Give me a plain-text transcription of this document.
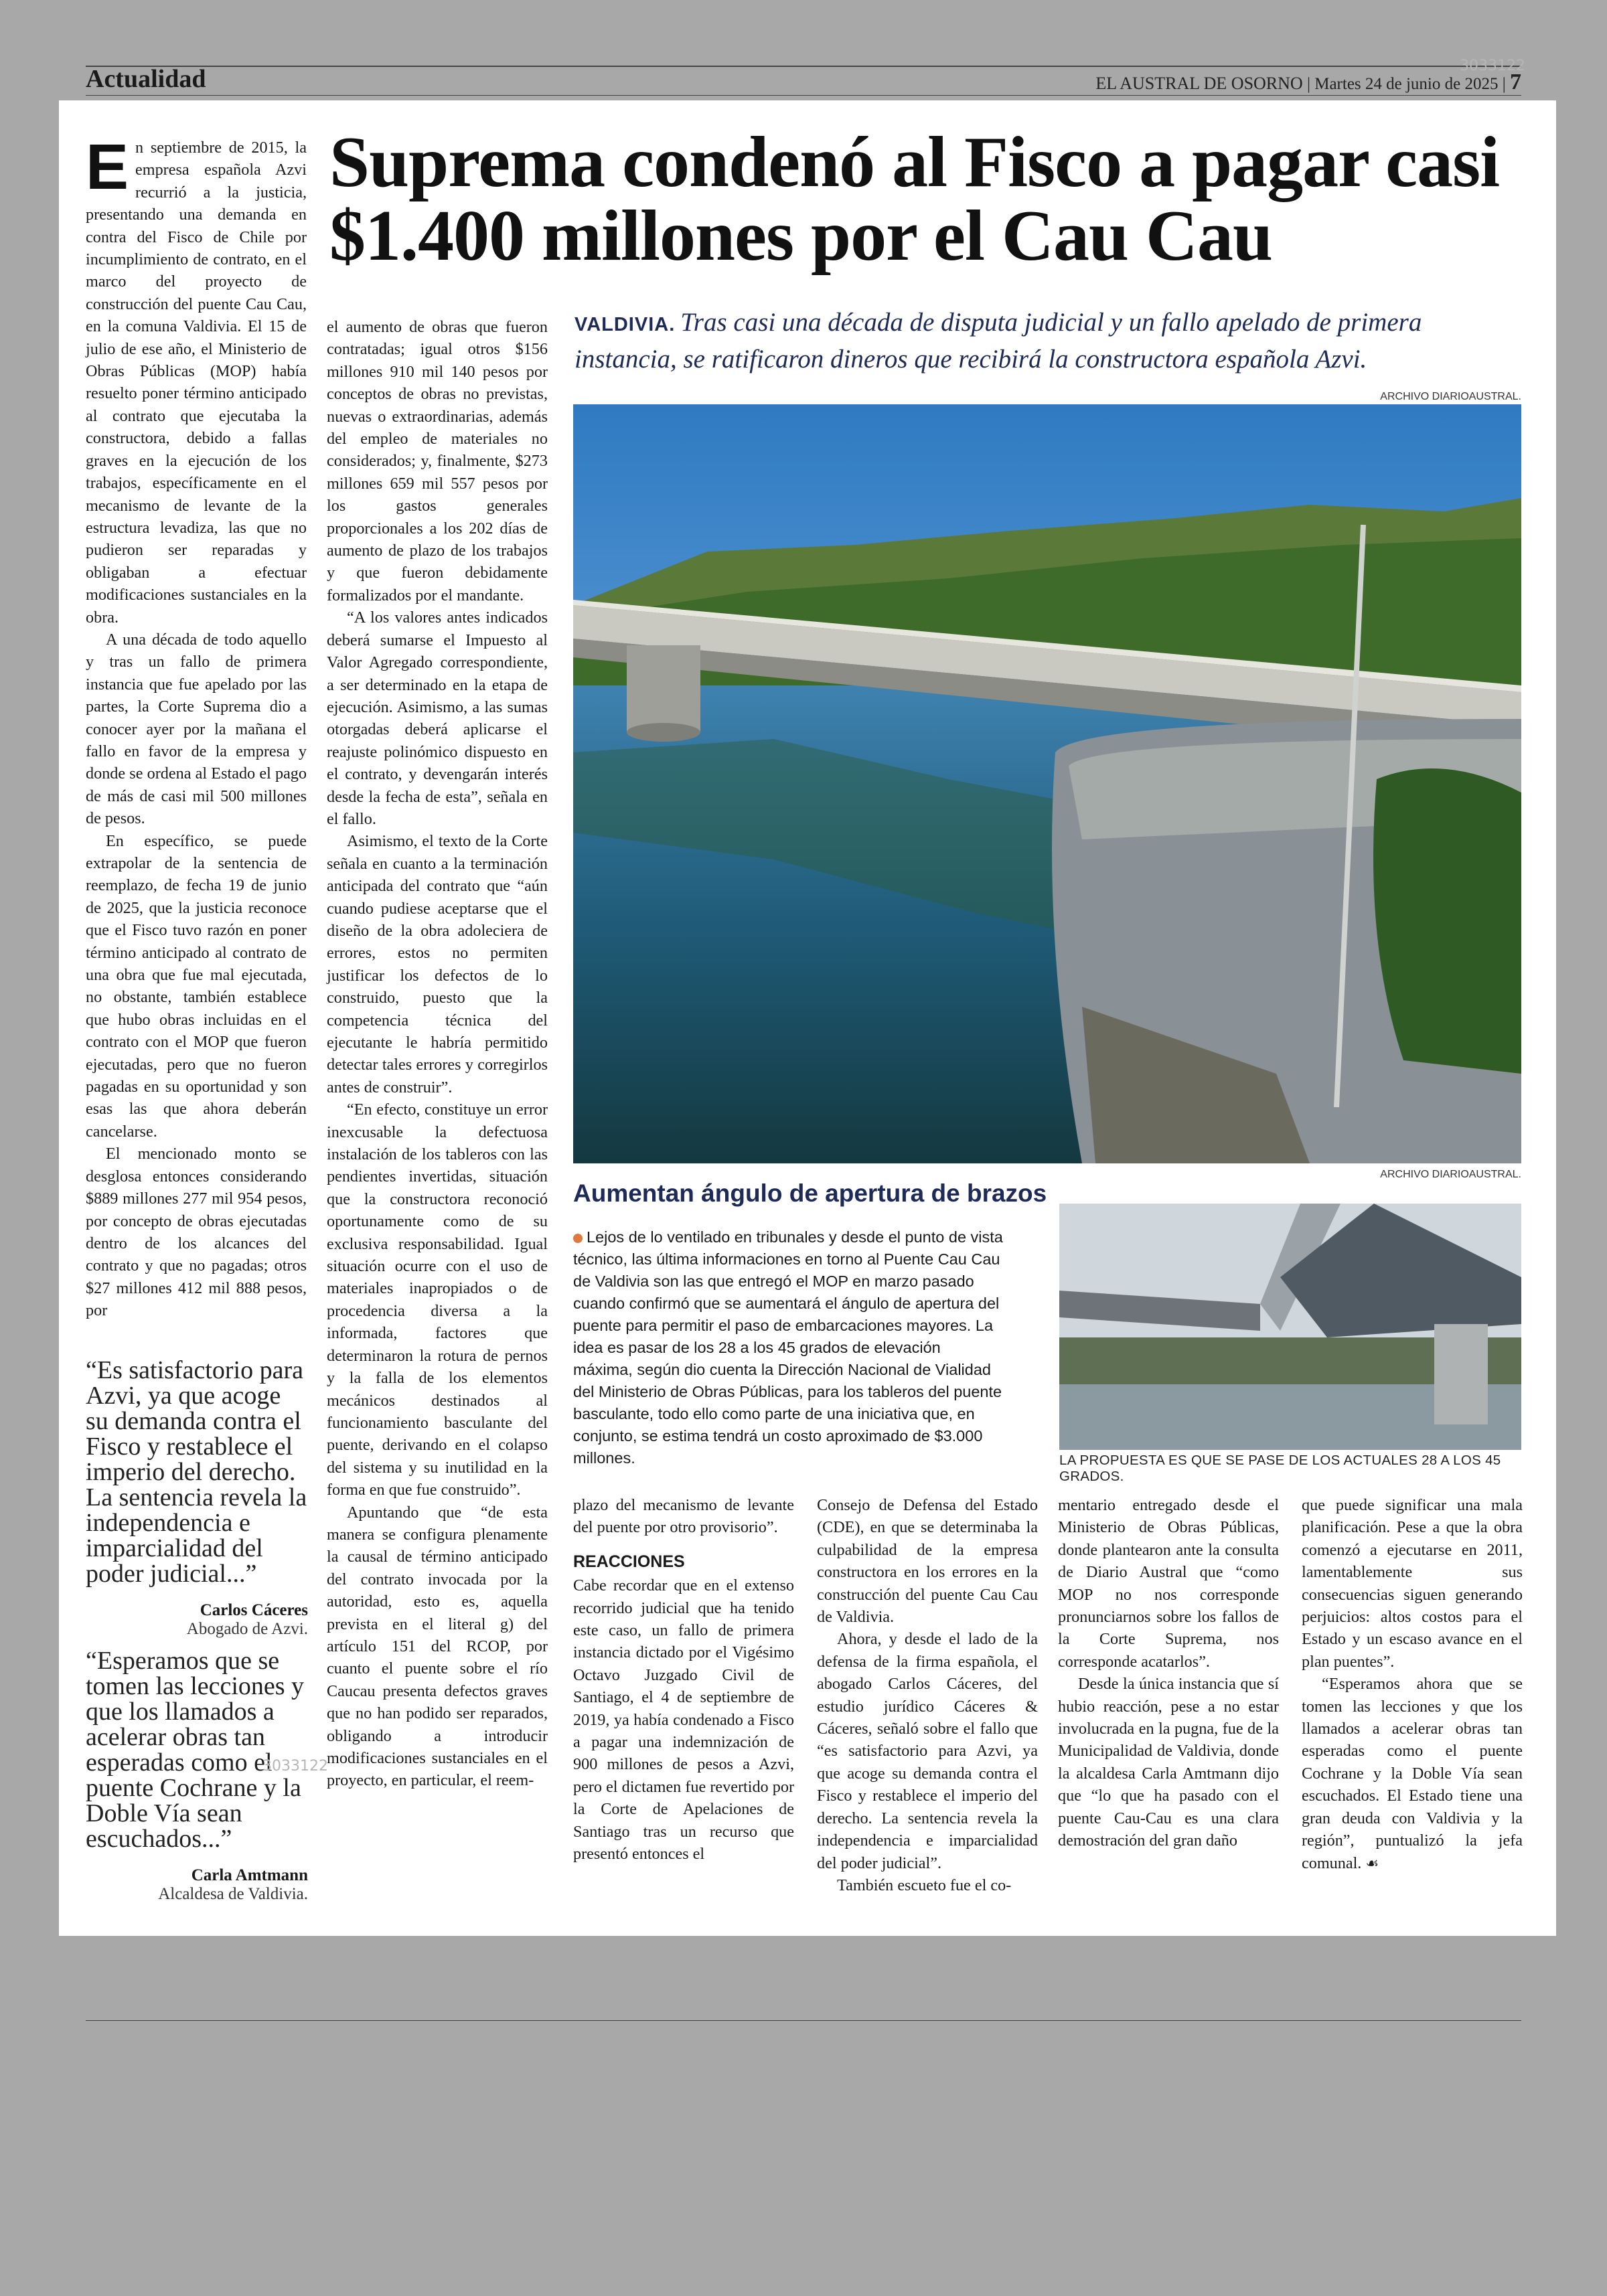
Actualidad	EL AUSTRAL DE OSORNO | Martes 24 de junio de 2025 | 7
3033122
Suprema condenó al Fisco a pagar casi $1.400 millones por el Cau Cau
VALDIVIA. Tras casi una década de disputa judicial y un fallo apelado de primera instancia, se ratificaron dineros que recibirá la constructora española Azvi.

En septiembre de 2015, la empresa española Azvi recurrió a la justicia, presentando una demanda en contra del Fisco de Chile por incumplimiento de contrato, en el marco del proyecto de construcción del puente Cau Cau, en la comuna Valdivia. El 15 de julio de ese año, el Ministerio de Obras Públicas (MOP) había resuelto poner término anticipado al contrato que ejecutaba la constructora, debido a fallas graves en la ejecución de los trabajos, específicamente en el mecanismo de levante de la estructura levadiza, las que no pudieron ser reparadas y obligaban a efectuar modificaciones sustanciales en la obra.

A una década de todo aquello y tras un fallo de primera instancia que fue apelado por las partes, la Corte Suprema dio a conocer ayer por la mañana el fallo en favor de la empresa y donde se ordena al Estado el pago de más de casi mil 500 millones de pesos.

En específico, se puede extrapolar de la sentencia de reemplazo, de fecha 19 de junio de 2025, que la justicia reconoce que el Fisco tuvo razón en poner término anticipado al contrato de una obra que fue mal ejecutada, no obstante, también establece que hubo obras incluidas en el contrato con el MOP que fueron ejecutadas, pero que no fueron pagadas en su oportunidad y son esas las que ahora deberán cancelarse.

El mencionado monto se desglosa entonces considerando $889 millones 277 mil 954 pesos, por concepto de obras ejecutadas dentro de los alcances del contrato y que no pagadas; otros $27 millones 412 mil 888 pesos, por

“Es satisfactorio para Azvi, ya que acoge su demanda contra el Fisco y restablece el imperio del derecho. La sentencia revela la independencia e imparcialidad del poder judicial...”
Carlos Cáceres
Abogado de Azvi.
“Esperamos que se tomen las lecciones y que los llamados a acelerar obras tan esperadas como el puente Cochrane y la Doble Vía sean escuchados...”
Carla Amtmann
Alcaldesa de Valdivia.
3033122

el aumento de obras que fueron contratadas; igual otros $156 millones 910 mil 140 pesos por conceptos de obras no previstas, nuevas o extraordinarias, además del empleo de materiales no considerados; y, finalmente, $273 millones 659 mil 557 pesos por los gastos generales proporcionales a los 202 días de aumento de plazo de los trabajos y que fueron debidamente formalizados por el mandante.

“A los valores antes indicados deberá sumarse el Impuesto al Valor Agregado correspondiente, a ser determinado en la etapa de ejecución. Asimismo, a las sumas otorgadas deberá aplicarse el reajuste polinómico dispuesto en el contrato, y devengarán interés desde la fecha de esta”, señala en el fallo.

Asimismo, el texto de la Corte señala en cuanto a la terminación anticipada del contrato que “aún cuando pudiese aceptarse que el diseño de la obra adoleciera de errores, estos no permiten justificar los defectos de lo construido, puesto que la competencia técnica del ejecutante le habría permitido detectar tales errores y corregirlos antes de construir”.

“En efecto, constituye un error inexcusable la defectuosa instalación de los tableros con las pendientes invertidas, situación que la constructora reconoció oportunamente como de su exclusiva responsabilidad. Igual situación ocurre con el uso de materiales inapropiados o de procedencia diversa a la informada, factores que determinaron la rotura de pernos y la falla de los elementos mecánicos destinados al funcionamiento basculante del puente, derivando en el colapso del sistema y su inutilidad en la forma en que fue construido”.

Apuntando que “de esta manera se configura plenamente la causal de término anticipado del contrato invocada por la autoridad, esto es, aquella prevista en el literal g) del artículo 151 del RCOP, por cuanto el puente sobre el río Caucau presenta defectos graves que no han podido ser reparados, obligando a introducir modificaciones sustanciales en el proyecto, en particular, el reem-

ARCHIVO DIARIOAUSTRAL.
Aumentan ángulo de apertura de brazos
Lejos de lo ventilado en tribunales y desde el punto de vista técnico, las última informaciones en torno al Puente Cau Cau de Valdivia son las que entregó el MOP en marzo pasado cuando confirmó que se aumentará el ángulo de apertura del puente para permitir el paso de embarcaciones mayores. La idea es pasar de los 28 a los 45 grados de elevación máxima, según dio cuenta la Dirección Nacional de Vialidad del Ministerio de Obras Públicas, para los tableros del puente basculante, todo ello como parte de una iniciativa que, en conjunto, se estima tendrá un costo aproximado de $3.000 millones.
ARCHIVO DIARIOAUSTRAL.
LA PROPUESTA ES QUE SE PASE DE LOS ACTUALES 28 A LOS 45 GRADOS.

plazo del mecanismo de levante del puente por otro provisorio”.

REACCIONES

Cabe recordar que en el extenso recorrido judicial que ha tenido este caso, un fallo de primera instancia dictado por el Vigésimo Octavo Juzgado Civil de Santiago, el 4 de septiembre de 2019, ya había condenado a Fisco a pagar una indemnización de 900 millones de pesos a Azvi, pero el dictamen fue revertido por la Corte de Apelaciones de Santiago tras un recurso que presentó entonces el

Consejo de Defensa del Estado (CDE), en que se determinaba la culpabilidad de la empresa constructora en los errores en la construcción del puente Cau Cau de Valdivia.

Ahora, y desde el lado de la defensa de la firma española, el abogado Carlos Cáceres, del estudio jurídico Cáceres & Cáceres, señaló sobre el fallo que “es satisfactorio para Azvi, ya que acoge su demanda contra el Fisco y restablece el imperio del derecho. La sentencia revela la independencia e imparcialidad del poder judicial”.

También escueto fue el co-

mentario entregado desde el Ministerio de Obras Públicas, donde plantearon ante la consulta de Diario Austral que “como MOP no nos corresponde pronunciarnos sobre los fallos de la Corte Suprema, nos corresponde acatarlos”.

Desde la única instancia que sí hubio reacción, pese a no estar involucrada en la pugna, fue de la Municipalidad de Valdivia, donde la alcaldesa Carla Amtmann dijo que “lo que ha pasado con el puente Cau-Cau es una clara demostración del gran daño

que puede significar una mala planificación. Pese a que la obra comenzó a ejecutarse en 2011, lamentablemente sus consecuencias siguen generando perjuicios: altos costos para el Estado y un escaso avance en el plan puentes”.

“Esperamos ahora que se tomen las lecciones y que los llamados a acelerar obras tan esperadas como el puente Cochrane y la Doble Vía sean escuchados. El Estado tiene una gran deuda con Valdivia y la región”, puntualizó la jefa comunal. ☙
